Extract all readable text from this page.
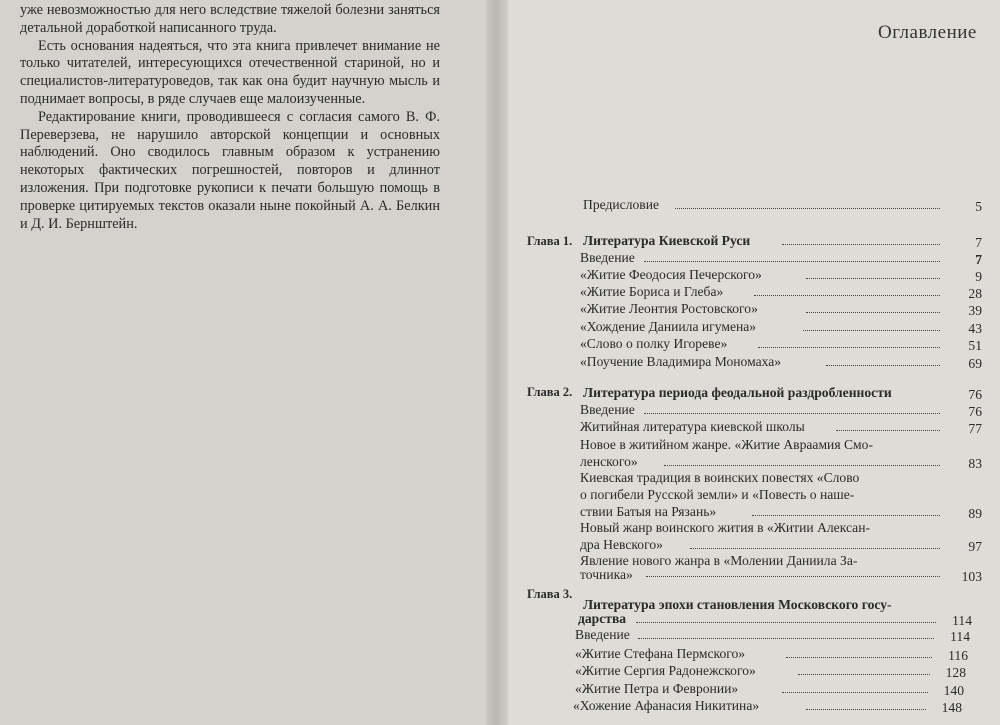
уже невозможностью для него вследствие тяжелой болезни заняться детальной доработкой написанного труда.

Есть основания надеяться, что эта книга привлечет внимание не только читателей, интересующихся отечественной стариной, но и специалистов-литературоведов, так как она будит научную мысль и поднимает вопросы, в ряде случаев еще малоизученные.

Редактирование книги, проводившееся с согласия самого В. Ф. Переверзева, не нарушило авторской концепции и основных наблюдений. Оно сводилось главным образом к устранению некоторых фактических погрешностей, повторов и длиннот изложения. При подготовке рукописи к печати большую помощь в проверке цитируемых текстов оказали ныне покойный А. А. Белкин и Д. И. Бернштейн.

Оглавление
Предисловие	5
Глава 1. Литература Киевской Руси	7
Введение	7
«Житие Феодосия Печерского»	9
«Житие Бориса и Глеба»	28
«Житие Леонтия Ростовского»	39
«Хождение Даниила игумена»	43
«Слово о полку Игореве»	51
«Поучение Владимира Мономаха»	69
Глава 2. Литература периода феодальной раздробленности	76
Введение	76
Житийная литература киевской школы	77
Новое в житийном жанре. «Житие Авраамия Смо-
ленского»	83
Киевская традиция в воинских повестях «Слово
о погибели Русской земли» и «Повесть о наше-
ствии Батыя на Рязань»	89
Новый жанр воинского жития в «Житии Алексан-
дра Невского»	97
Явление нового жанра в «Молении Даниила За-
точника»	103
Глава 3.
Литература эпохи становления Московского госу-
дарства	114
Введение	114
«Житие Стефана Пермского»	116
«Житие Сергия Радонежского»	128
«Житие Петра и Февронии»	140
«Хожение Афанасия Никитина»	148
